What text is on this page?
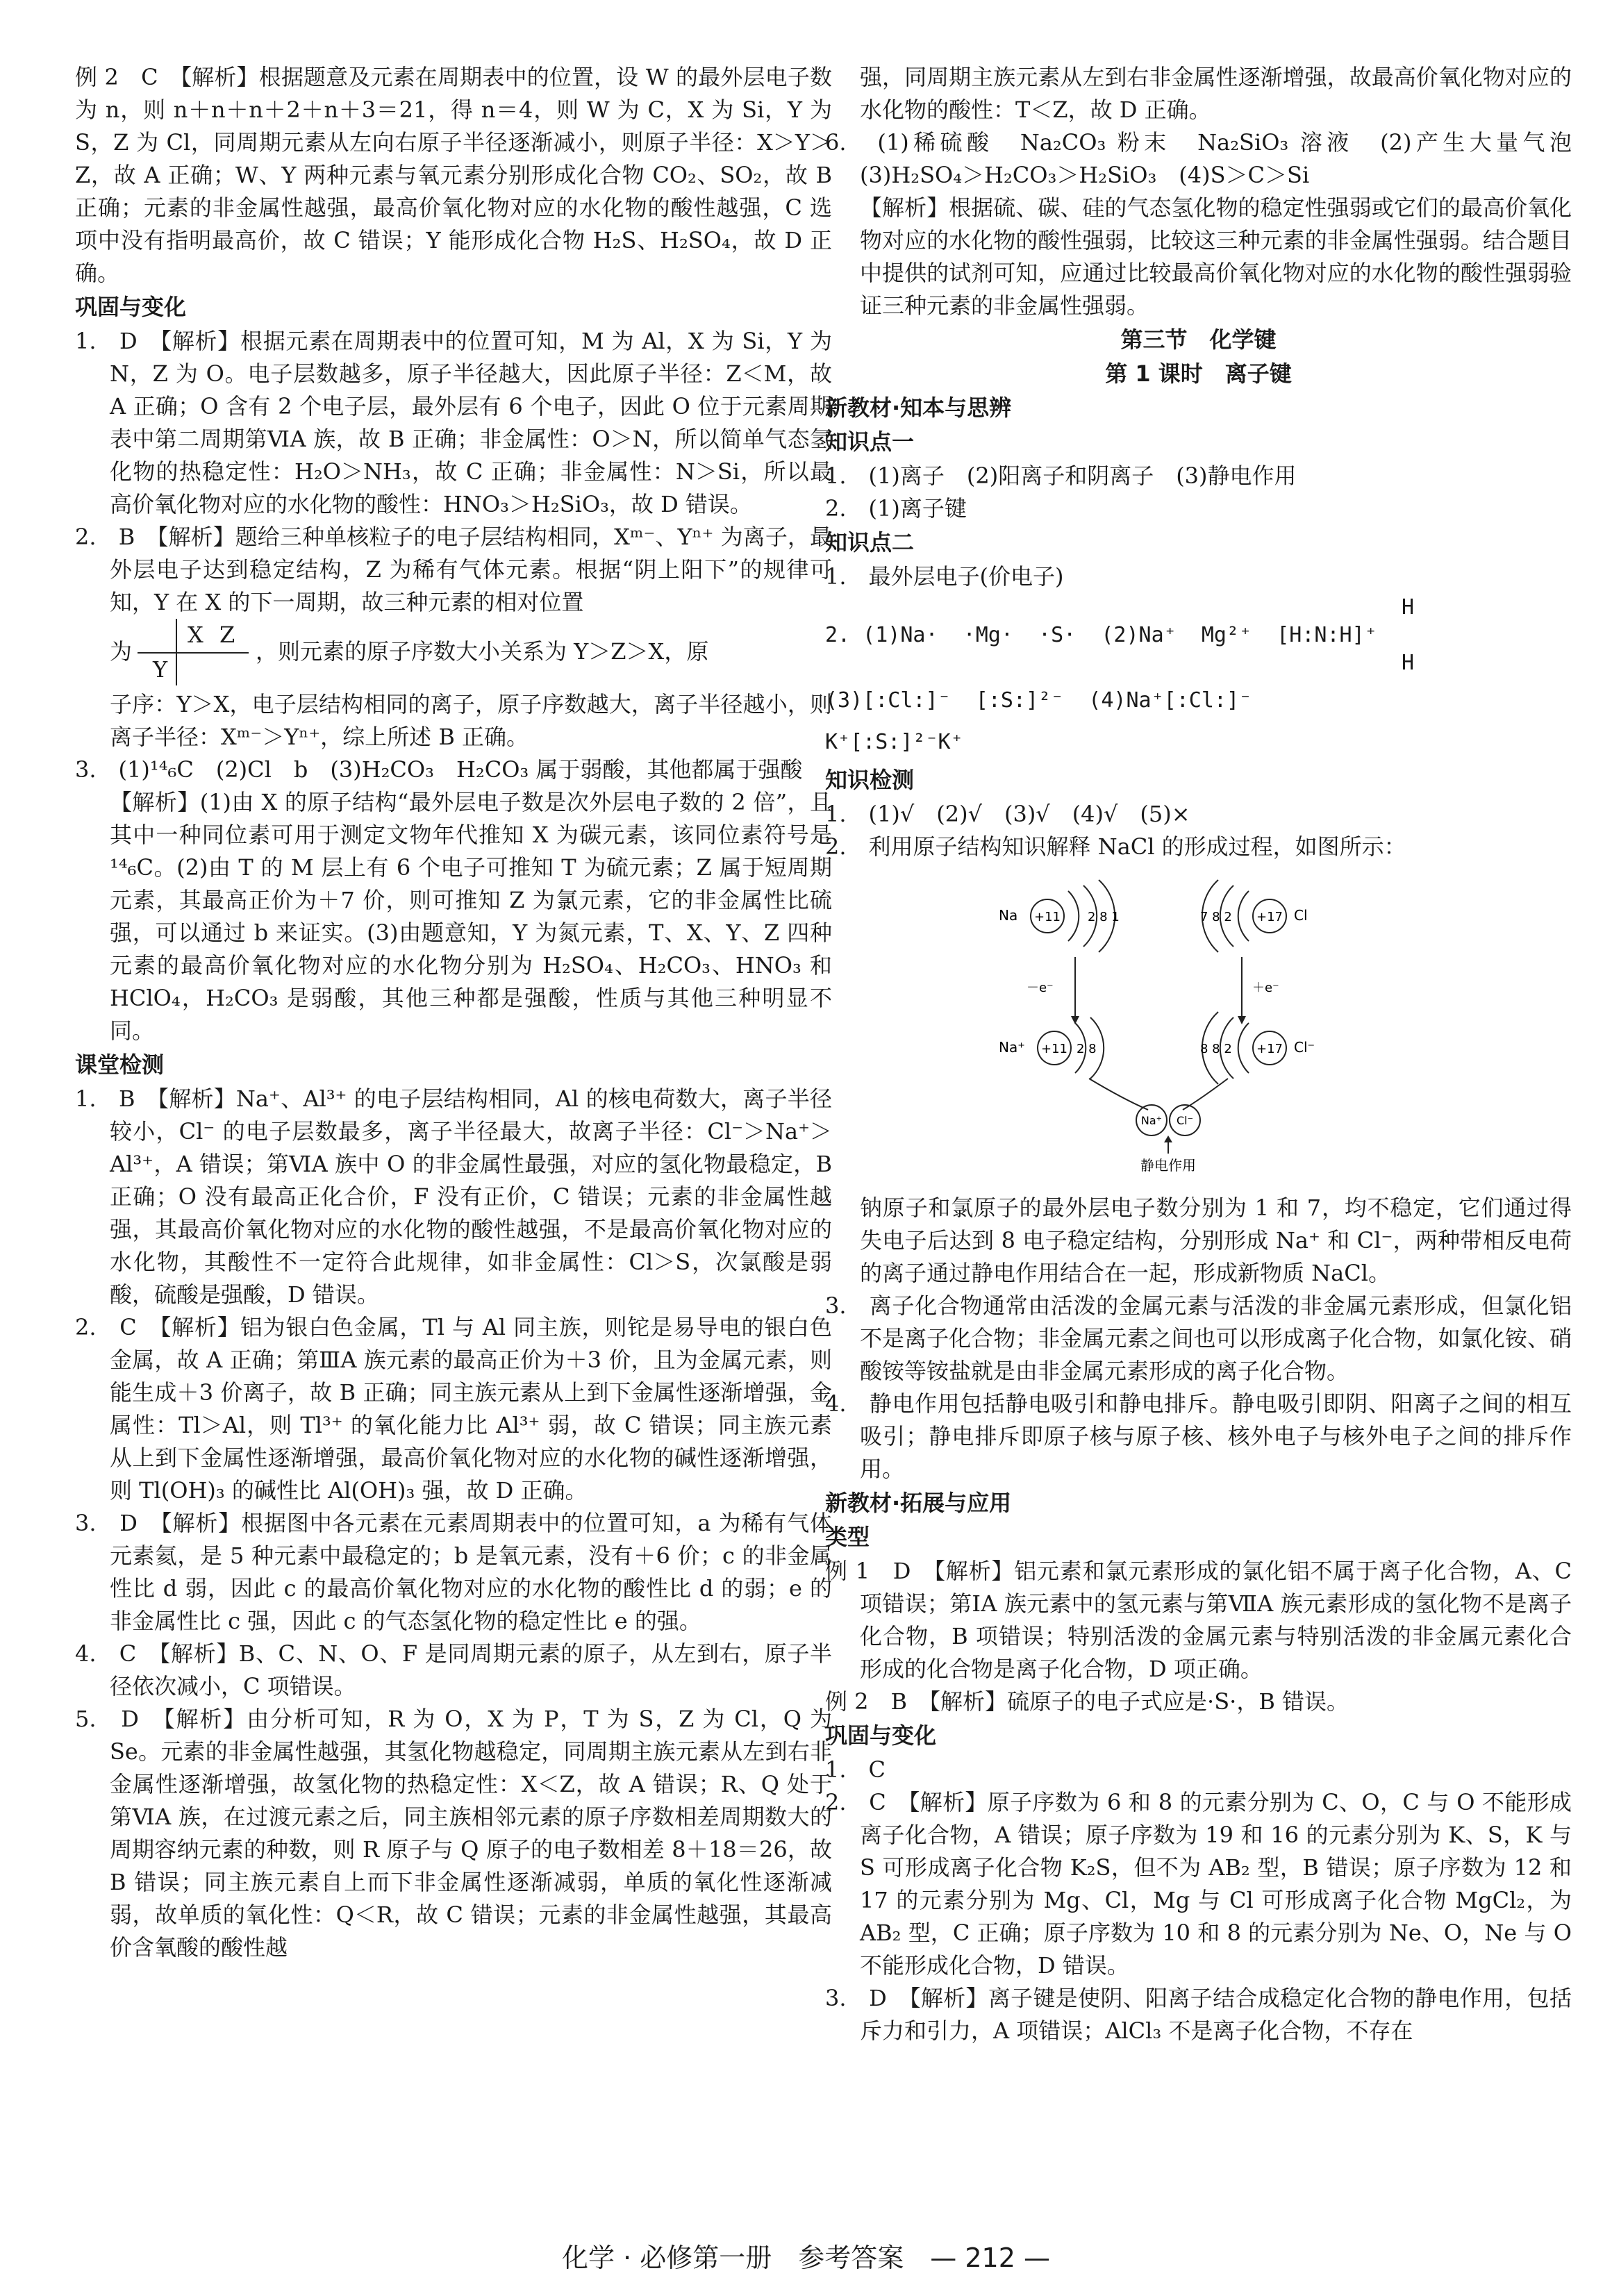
例 2　C　【解析】根据题意及元素在周期表中的位置，设 W 的最外层电子数为 n，则 n＋n＋n＋2＋n＋3＝21，得 n＝4，则 W 为 C，X 为 Si，Y 为 S，Z 为 Cl，同周期元素从左向右原子半径逐渐减小，则原子半径：X＞Y＞Z，故 A 正确；W、Y 两种元素与氧元素分别形成化合物 CO₂、SO₂，故 B 正确；元素的非金属性越强，最高价氧化物对应的水化物的酸性越强，C 选项中没有指明最高价，故 C 错误；Y 能形成化合物 H₂S、H₂SO₄，故 D 正确。

巩固与变化

1.　D　【解析】根据元素在周期表中的位置可知，M 为 Al，X 为 Si，Y 为 N，Z 为 O。电子层数越多，原子半径越大，因此原子半径：Z＜M，故 A 正确；O 含有 2 个电子层，最外层有 6 个电子，因此 O 位于元素周期表中第二周期第ⅥA 族，故 B 正确；非金属性：O＞N，所以简单气态氢化物的热稳定性：H₂O＞NH₃，故 C 正确；非金属性：N＞Si，所以最高价氧化物对应的水化物的酸性：HNO₃＞H₂SiO₃，故 D 错误。

2.　B　【解析】题给三种单核粒子的电子层结构相同，Xᵐ⁻、Yⁿ⁺ 为离子，最外层电子达到稳定结构，Z 为稀有气体元素。根据“阴上阳下”的规律可知，Y 在 X 的下一周期，故三种元素的相对位置

为
X Z
Y
，则元素的原子序数大小关系为 Y＞Z＞X，原

子序：Y＞X，电子层结构相同的离子，原子序数越大，离子半径越小，则离子半径：Xᵐ⁻＞Yⁿ⁺，综上所述 B 正确。

3.　(1)¹⁴₆C　(2)Cl　b　(3)H₂CO₃　H₂CO₃ 属于弱酸，其他都属于强酸

【解析】(1)由 X 的原子结构“最外层电子数是次外层电子数的 2 倍”，且其中一种同位素可用于测定文物年代推知 X 为碳元素，该同位素符号是¹⁴₆C。(2)由 T 的 M 层上有 6 个电子可推知 T 为硫元素；Z 属于短周期元素，其最高正价为＋7 价，则可推知 Z 为氯元素，它的非金属性比硫强，可以通过 b 来证实。(3)由题意知，Y 为氮元素，T、X、Y、Z 四种元素的最高价氧化物对应的水化物分别为 H₂SO₄、H₂CO₃、HNO₃ 和 HClO₄，H₂CO₃ 是弱酸，其他三种都是强酸，性质与其他三种明显不同。

课堂检测

1.　B　【解析】Na⁺、Al³⁺ 的电子层结构相同，Al 的核电荷数大，离子半径较小，Cl⁻ 的电子层数最多，离子半径最大，故离子半径：Cl⁻＞Na⁺＞Al³⁺，A 错误；第ⅥA 族中 O 的非金属性最强，对应的氢化物最稳定，B 正确；O 没有最高正化合价，F 没有正价，C 错误；元素的非金属性越强，其最高价氧化物对应的水化物的酸性越强，不是最高价氧化物对应的水化物，其酸性不一定符合此规律，如非金属性：Cl＞S，次氯酸是弱酸，硫酸是强酸，D 错误。

2.　C　【解析】铝为银白色金属，Tl 与 Al 同主族，则铊是易导电的银白色金属，故 A 正确；第ⅢA 族元素的最高正价为＋3 价，且为金属元素，则能生成＋3 价离子，故 B 正确；同主族元素从上到下金属性逐渐增强，金属性：Tl＞Al，则 Tl³⁺ 的氧化能力比 Al³⁺ 弱，故 C 错误；同主族元素从上到下金属性逐渐增强，最高价氧化物对应的水化物的碱性逐渐增强，则 Tl(OH)₃ 的碱性比 Al(OH)₃ 强，故 D 正确。

3.　D　【解析】根据图中各元素在元素周期表中的位置可知，a 为稀有气体元素氦，是 5 种元素中最稳定的；b 是氧元素，没有＋6 价；c 的非金属性比 d 弱，因此 c 的最高价氧化物对应的水化物的酸性比 d 的弱；e 的非金属性比 c 强，因此 c 的气态氢化物的稳定性比 e 的强。

4.　C　【解析】B、C、N、O、F 是同周期元素的原子，从左到右，原子半径依次减小，C 项错误。

5.　D　【解析】由分析可知，R 为 O，X 为 P，T 为 S，Z 为 Cl，Q 为 Se。元素的非金属性越强，其氢化物越稳定，同周期主族元素从左到右非金属性逐渐增强，故氢化物的热稳定性：X＜Z，故 A 错误；R、Q 处于第ⅥA 族，在过渡元素之后，同主族相邻元素的原子序数相差周期数大的周期容纳元素的种数，则 R 原子与 Q 原子的电子数相差 8＋18＝26，故 B 错误；同主族元素自上而下非金属性逐渐减弱，单质的氧化性逐渐减弱，故单质的氧化性：Q＜R，故 C 错误；元素的非金属性越强，其最高价含氧酸的酸性越

强，同周期主族元素从左到右非金属性逐渐增强，故最高价氧化物对应的水化物的酸性：T＜Z，故 D 正确。

6.　(1)稀硫酸　Na₂CO₃ 粉末　Na₂SiO₃ 溶液　(2)产生大量气泡　(3)H₂SO₄＞H₂CO₃＞H₂SiO₃　(4)S＞C＞Si

【解析】根据硫、碳、硅的气态氢化物的稳定性强弱或它们的最高价氧化物对应的水化物的酸性强弱，比较这三种元素的非金属性强弱。结合题目中提供的试剂可知，应通过比较最高价氧化物对应的水化物的酸性强弱验证三种元素的非金属性强弱。

第三节　化学键

第 1 课时　离子键

新教材·知本与思辨

知识点一

1.　(1)离子　(2)阳离子和阴离子　(3)静电作用

2.　(1)离子键

知识点二

1.　最外层电子(价电子)

H
2. (1)Na·  ·Mg·  ·S·  (2)Na⁺  Mg²⁺  [H:N:H]⁺
H
(3)[:Cl:]⁻  [:S:]²⁻  (4)Na⁺[:Cl:]⁻
K⁺[:S:]²⁻K⁺

知识检测

1.　(1)√　(2)√　(3)√　(4)√　(5)×

2.　利用原子结构知识解释 NaCl 的形成过程，如图所示：

Na +11 2 8 1	+17
7 8 2	Cl
－e⁻	＋e⁻
Na⁺ +11 2 8	+17
8 8 2	Cl⁻
Na⁺ Cl⁻
静电作用

钠原子和氯原子的最外层电子数分别为 1 和 7，均不稳定，它们通过得失电子后达到 8 电子稳定结构，分别形成 Na⁺ 和 Cl⁻，两种带相反电荷的离子通过静电作用结合在一起，形成新物质 NaCl。

3.　离子化合物通常由活泼的金属元素与活泼的非金属元素形成，但氯化铝不是离子化合物；非金属元素之间也可以形成离子化合物，如氯化铵、硝酸铵等铵盐就是由非金属元素形成的离子化合物。

4.　静电作用包括静电吸引和静电排斥。静电吸引即阴、阳离子之间的相互吸引；静电排斥即原子核与原子核、核外电子与核外电子之间的排斥作用。

新教材·拓展与应用

类型

例 1　D　【解析】铝元素和氯元素形成的氯化铝不属于离子化合物，A、C 项错误；第ⅠA 族元素中的氢元素与第ⅦA 族元素形成的氢化物不是离子化合物，B 项错误；特别活泼的金属元素与特别活泼的非金属元素化合形成的化合物是离子化合物，D 项正确。

例 2　B　【解析】硫原子的电子式应是·S·，B 错误。

巩固与变化

1.　C

2.　C　【解析】原子序数为 6 和 8 的元素分别为 C、O，C 与 O 不能形成离子化合物，A 错误；原子序数为 19 和 16 的元素分别为 K、S，K 与 S 可形成离子化合物 K₂S，但不为 AB₂ 型，B 错误；原子序数为 12 和 17 的元素分别为 Mg、Cl，Mg 与 Cl 可形成离子化合物 MgCl₂，为 AB₂ 型，C 正确；原子序数为 10 和 8 的元素分别为 Ne、O，Ne 与 O 不能形成化合物，D 错误。

3.　D　【解析】离子键是使阴、阳离子结合成稳定化合物的静电作用，包括斥力和引力，A 项错误；AlCl₃ 不是离子化合物，不存在

化学 · 必修第一册　参考答案　— 212 —
